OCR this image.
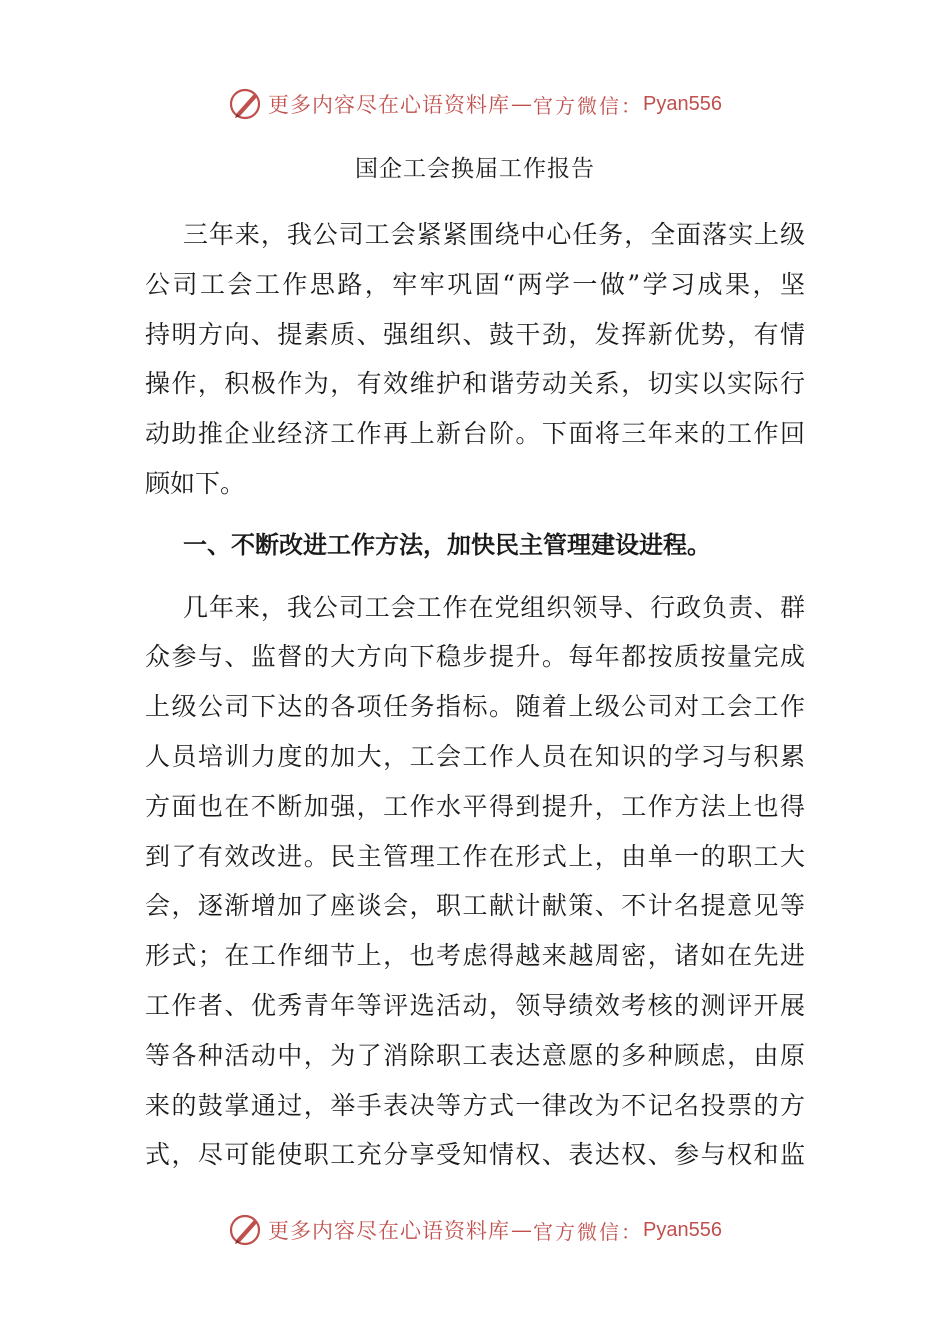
更多内容尽在心语资料库 — 官方微信： Pyan556
国企工会换届工作报告
三年来，我公司工会紧紧围绕中心任务，全面落实上级
公司工会工作思路，牢牢巩固“两学一做”学习成果，坚
持明方向、提素质、强组织、鼓干劲，发挥新优势，有情
操作，积极作为，有效维护和谐劳动关系，切实以实际行
动助推企业经济工作再上新台阶。下面将三年来的工作回
顾如下。
一、不断改进工作方法，加快民主管理建设进程。
几年来，我公司工会工作在党组织领导、行政负责、群
众参与、监督的大方向下稳步提升。每年都按质按量完成
上级公司下达的各项任务指标。随着上级公司对工会工作
人员培训力度的加大，工会工作人员在知识的学习与积累
方面也在不断加强，工作水平得到提升，工作方法上也得
到了有效改进。民主管理工作在形式上，由单一的职工大
会，逐渐增加了座谈会，职工献计献策、不计名提意见等
形式；在工作细节上，也考虑得越来越周密，诸如在先进
工作者、优秀青年等评选活动，领导绩效考核的测评开展
等各种活动中，为了消除职工表达意愿的多种顾虑，由原
来的鼓掌通过，举手表决等方式一律改为不记名投票的方
式，尽可能使职工充分享受知情权、表达权、参与权和监
更多内容尽在心语资料库 — 官方微信： Pyan556
